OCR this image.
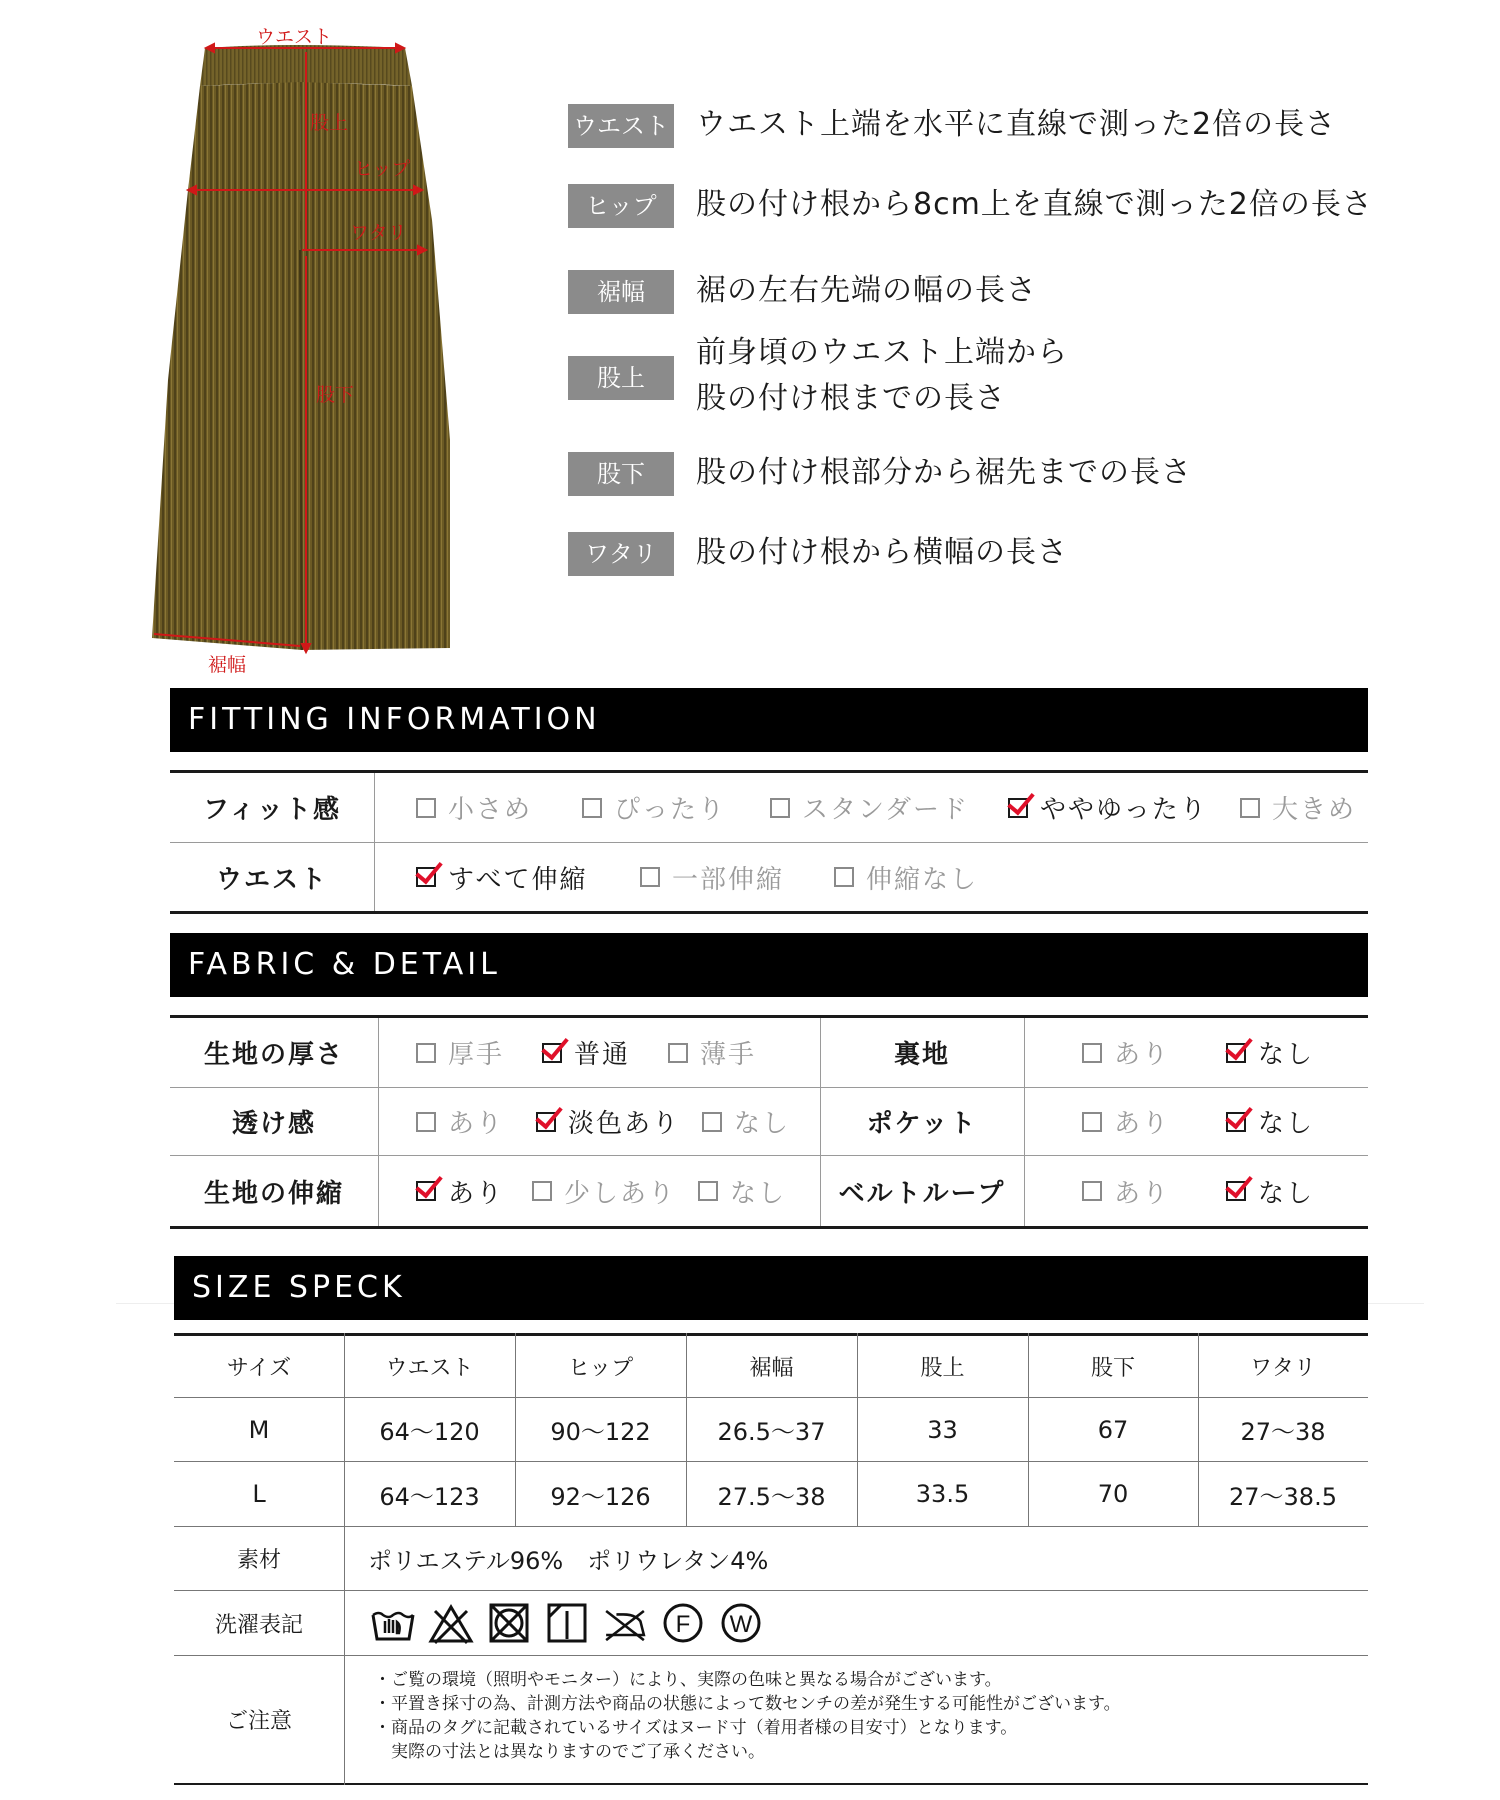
ウエスト
股上
ヒップ
ワタリ
股下
裾幅
ウエスト ウエスト上端を水平に直線で測った2倍の長さ
ヒップ	股の付け根から8cm上を直線で測った2倍の長さ
裾幅	裾の左右先端の幅の長さ
股上
前身頃のウエスト上端から
股の付け根までの長さ
股下	股の付け根部分から裾先までの長さ
ワタリ	股の付け根から横幅の長さ
FITTING INFORMATION
フィット感	小さめ	ぴったり	スタンダード	ややゆったり 大きめ
ウエスト	すべて伸縮	一部伸縮	伸縮なし
FABRIC & DETAIL
生地の厚さ	厚手	普通	薄手	裏地	あり	なし
透け感	あり 淡色あり なし	ポケット	あり	なし
生地の伸縮	あり 少しあり なし	ベルトループ	あり	なし
SIZE SPECK
サイズ	ウエスト	ヒップ	裾幅	股上	股下	ワタリ
M	64〜120	90〜122	26.5〜37	33	67	27〜38
L	64〜123	92〜126	27.5〜38	33.5	70	27〜38.5
素材	ポリエステル96%　ポリウレタン4%
洗濯表記	F W
ご注意
・ご覧の環境（照明やモニター）により、実際の色味と異なる場合がございます。
・平置き採寸の為、計測方法や商品の状態によって数センチの差が発生する可能性がございます。
・商品のタグに記載されているサイズはヌード寸（着用者様の目安寸）となります。
　実際の寸法とは異なりますのでご了承ください。
